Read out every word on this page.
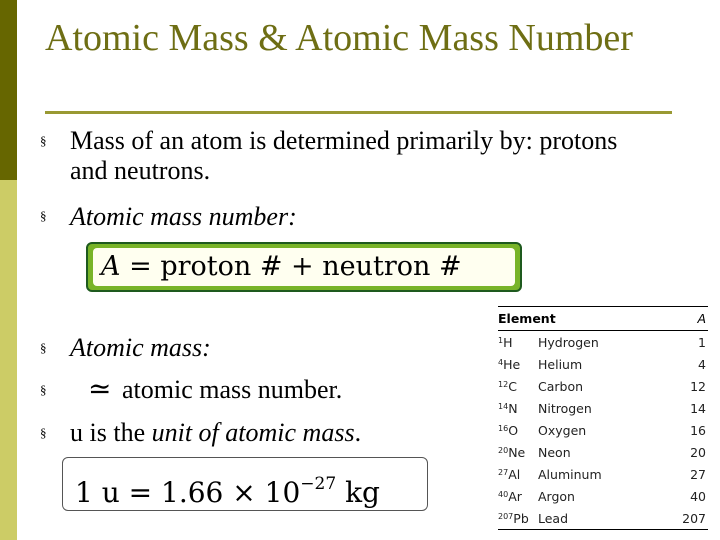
Atomic Mass & Atomic Mass Number
§ Mass of an atom is determined primarily by: protons and neutrons.
§ Atomic mass number:
A = proton # + neutron #
§ Atomic mass:
§ ≃ atomic mass number.
§ u is the unit of atomic mass.
1 $u = 1.66 \times 10^{-27}$ kg
Element		A
$^1$H	Hydrogen	1
$^4$He	Helium	4
$^{12}$C	Carbon	12
$^{14}$N	Nitrogen	14
$^{16}$O	Oxygen	16
$^{20}$Ne	Neon	20
$^{27}$Al	Aluminum	27
$^{40}$Ar	Argon	40
$^{207}$Pb	Lead	207
